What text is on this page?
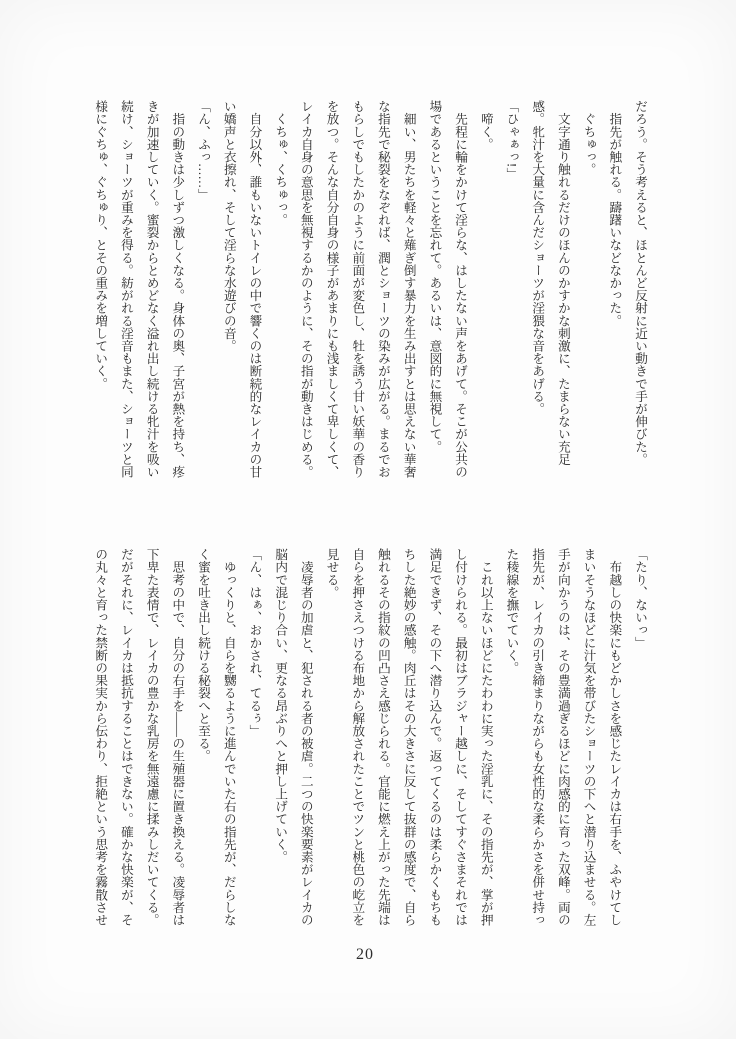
だろう。そう考えると、ほとんど反射に近い動きで手が伸びた。

　指先が触れる。躊躇いなどなかった。

　ぐちゅっ。

　文字通り触れるだけのほんのかすかな刺激に、たまらない充足

感。牝汁を大量に含んだショーツが淫猥な音をあげる。

「ひゃぁっ!」

　啼く。

　先程に輪をかけて淫らな、はしたない声をあげて。そこが公共の

場であるということを忘れて。あるいは、意図的に無視して。

　細い、男たちを軽々と薙ぎ倒す暴力を生み出すとは思えない華奢

な指先で秘裂をなぞれば、潤とショーツの染みが広がる。まるでお

もらしでもしたかのように前面が変色し、牡を誘う甘い妖華の香り

を放つ。そんな自分自身の様子があまりにも浅ましくて卑しくて、

レイカ自身の意思を無視するかのように、その指が動きはじめる。

　くちゅ、くちゅっ。

　自分以外、誰もいないトイレの中で響くのは断続的なレイカの甘

い嬌声と衣擦れ、そして淫らな水遊びの音。

「ん、ふっ……」

　指の動きは少しずつ激しくなる。身体の奥、子宮が熱を持ち、疼

きが加速していく。蜜裂からとめどなく溢れ出し続ける牝汁を吸い

続け、ショーツが重みを得る。紡がれる淫音もまた、ショーツと同

様にぐちゅ、ぐちゅり、とその重みを増していく。

「たり、ないっ」

　布越しの快楽にもどかしさを感じたレイカは右手を、ふやけてし

まいそうなほどに汁気を帯びたショーツの下へと潜り込ませる。左

手が向かうのは、その豊満過ぎるほどに肉感的に育った双峰。両の

指先が、レイカの引き締まりながらも女性的な柔らかさを併せ持っ

た稜線を撫でていく。

　これ以上ないほどにたわわに実った淫乳に、その指先が、掌が押

し付けられる。最初はブラジャー越しに、そしてすぐさまそれでは

満足できず、その下へ潜り込んで。返ってくるのは柔らかくもちも

ちした絶妙の感触。肉丘はその大きさに反して抜群の感度で、自ら

触れるその指紋の凹凸さえ感じられる。官能に燃え上がった先端は

自らを押さえつける布地から解放されたことでツンと桃色の屹立を

見せる。

　凌辱者の加虐と、犯される者の被虐。二つの快楽要素がレイカの

脳内で混じり合い、更なる昂ぶりへと押し上げていく。

「ん、はぁ、おかされ、てるぅ」

　ゆっくりと、自らを嬲るように進んでいた右の指先が、だらしな

く蜜を吐き出し続ける秘裂へと至る。

　思考の中で、自分の右手を――の生殖器に置き換える。凌辱者は

下卑た表情で、レイカの豊かな乳房を無遠慮に揉みしだいてくる。

だがそれに、レイカは抵抗することはできない。確かな快楽が、そ

の丸々と育った禁断の果実から伝わり、拒絶という思考を霧散させ

20
